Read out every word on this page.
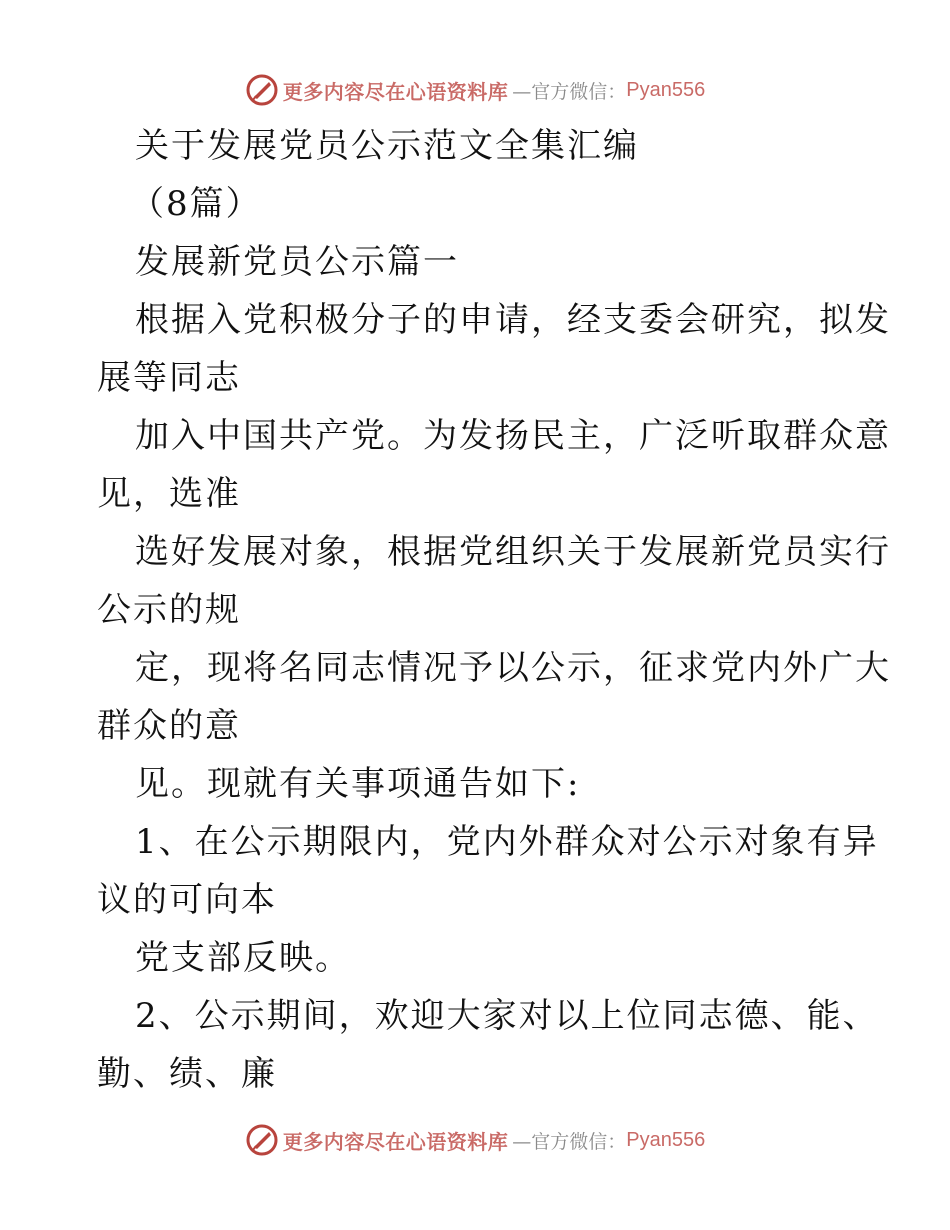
更多内容尽在心语资料库 —官方微信： Pyan556
关于发展党员公示范文全集汇编
（8篇）
发展新党员公示篇一
根据入党积极分子的申请，经支委会研究，拟发
展等同志
加入中国共产党。为发扬民主，广泛听取群众意
见，选准
选好发展对象，根据党组织关于发展新党员实行
公示的规
定，现将名同志情况予以公示，征求党内外广大
群众的意
见。现就有关事项通告如下:
1、在公示期限内，党内外群众对公示对象有异
议的可向本
党支部反映。
2、公示期间，欢迎大家对以上位同志德、能、
勤、绩、廉
更多内容尽在心语资料库 —官方微信： Pyan556
